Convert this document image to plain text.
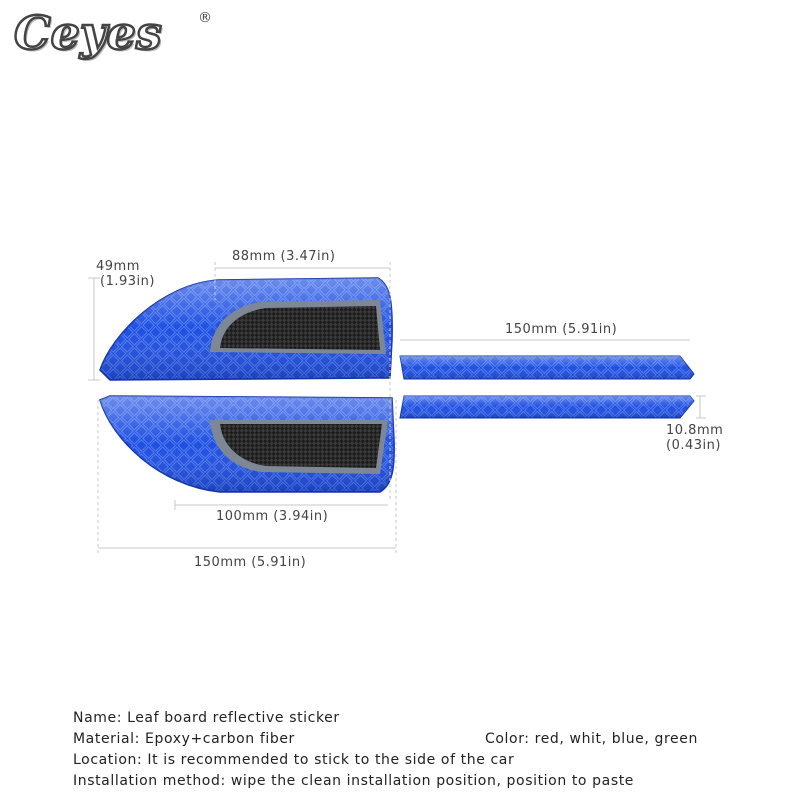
Ceyes	®
49mm
(1.93in)
88mm (3.47in)
150mm (5.91in)
10.8mm
(0.43in)
100mm (3.94in)
150mm (5.91in)
Name: Leaf board reflective sticker
Material: Epoxy+carbon fiber	Color: red, whit, blue, green
Location: It is recommended to stick to the side of the car
Installation method: wipe the clean installation position, position to paste
